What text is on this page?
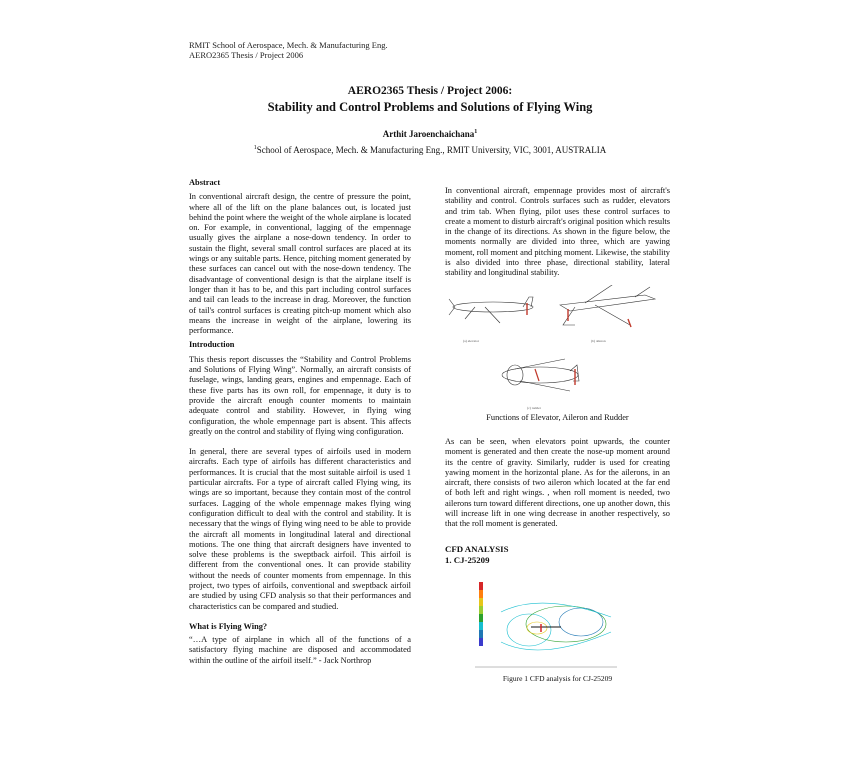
RMIT School of Aerospace, Mech. & Manufacturing Eng.
AERO2365 Thesis / Project 2006
AERO2365 Thesis / Project 2006:
Stability and Control Problems and Solutions of Flying Wing
Arthit Jaroenchaichana$^1$
$^1$School of Aerospace, Mech. & Manufacturing Eng., RMIT University, VIC, 3001, AUSTRALIA

Abstract

In conventional aircraft design, the centre of pressure the point, where all of the lift on the plane balances out, is located just behind the point where the weight of the whole airplane is located on. For example, in conventional, lagging of the empennage usually gives the airplane a nose-down tendency. In order to sustain the flight, several small control surfaces are placed at its wings or any suitable parts. Hence, pitching moment generated by these surfaces can cancel out with the nose-down tendency. The disadvantage of conventional design is that the airplane itself is longer than it has to be, and this part including control surfaces and tail can leads to the increase in drag. Moreover, the function of tail's control surfaces is creating pitch-up moment which also means the increase in weight of the airplane, lowering its performance.

Introduction

This thesis report discusses the “Stability and Control Problems and Solutions of Flying Wing”. Normally, an aircraft consists of fuselage, wings, landing gears, engines and empennage. Each of these five parts has its own roll, for empennage, it duty is to provide the aircraft enough counter moments to maintain adequate control and stability. However, in flying wing configuration, the whole empennage part is absent. This affects greatly on the control and stability of flying wing configuration.

In general, there are several types of airfoils used in modern aircrafts. Each type of airfoils has different characteristics and performances. It is crucial that the most suitable airfoil is used 1 particular aircrafts. For a type of aircraft called Flying wing, its wings are so important, because they contain most of the control surfaces. Lagging of the whole empennage makes flying wing configuration difficult to deal with the control and stability. It is necessary that the wings of flying wing need to be able to provide the aircraft all moments in longitudinal lateral and directional motions. The one thing that aircraft designers have invented to solve these problems is the sweptback airfoil. This airfoil is different from the conventional ones. It can provide stability without the needs of counter moments from empennage. In this project, two types of airfoils, conventional and sweptback airfoil are studied by using CFD analysis so that their performances and characteristics can be compared and studied.

What is Flying Wing?

“…A type of airplane in which all of the functions of a satisfactory flying machine are disposed and accommodated within the outline of the airfoil itself.” - Jack Northrop

In conventional aircraft, empennage provides most of aircraft's stability and control. Controls surfaces such as rudder, elevators and trim tab. When flying, pilot uses these control surfaces to create a moment to disturb aircraft's original position which results in the change of its directions. As shown in the figure below, the moments normally are divided into three, which are yawing moment, roll moment and pitching moment. Likewise, the stability is also divided into three phase, directional stability, lateral stability and longitudinal stability.

(a) elevator	(b) aileron
(c) rudder
Functions of Elevator, Aileron and Rudder

As can be seen, when elevators point upwards, the counter moment is generated and then create the nose-up moment around its the centre of gravity. Similarly, rudder is used for creating yawing moment in the horizontal plane. As for the ailerons, in an aircraft, there consists of two aileron which located at the far end of both left and right wings. , when roll moment is needed, two ailerons turn toward different directions, one up another down, this will increase lift in one wing decrease in another respectively, so that the roll moment is generated.

CFD ANALYSIS
1. CJ-25209
Figure 1 CFD analysis for CJ-25209
